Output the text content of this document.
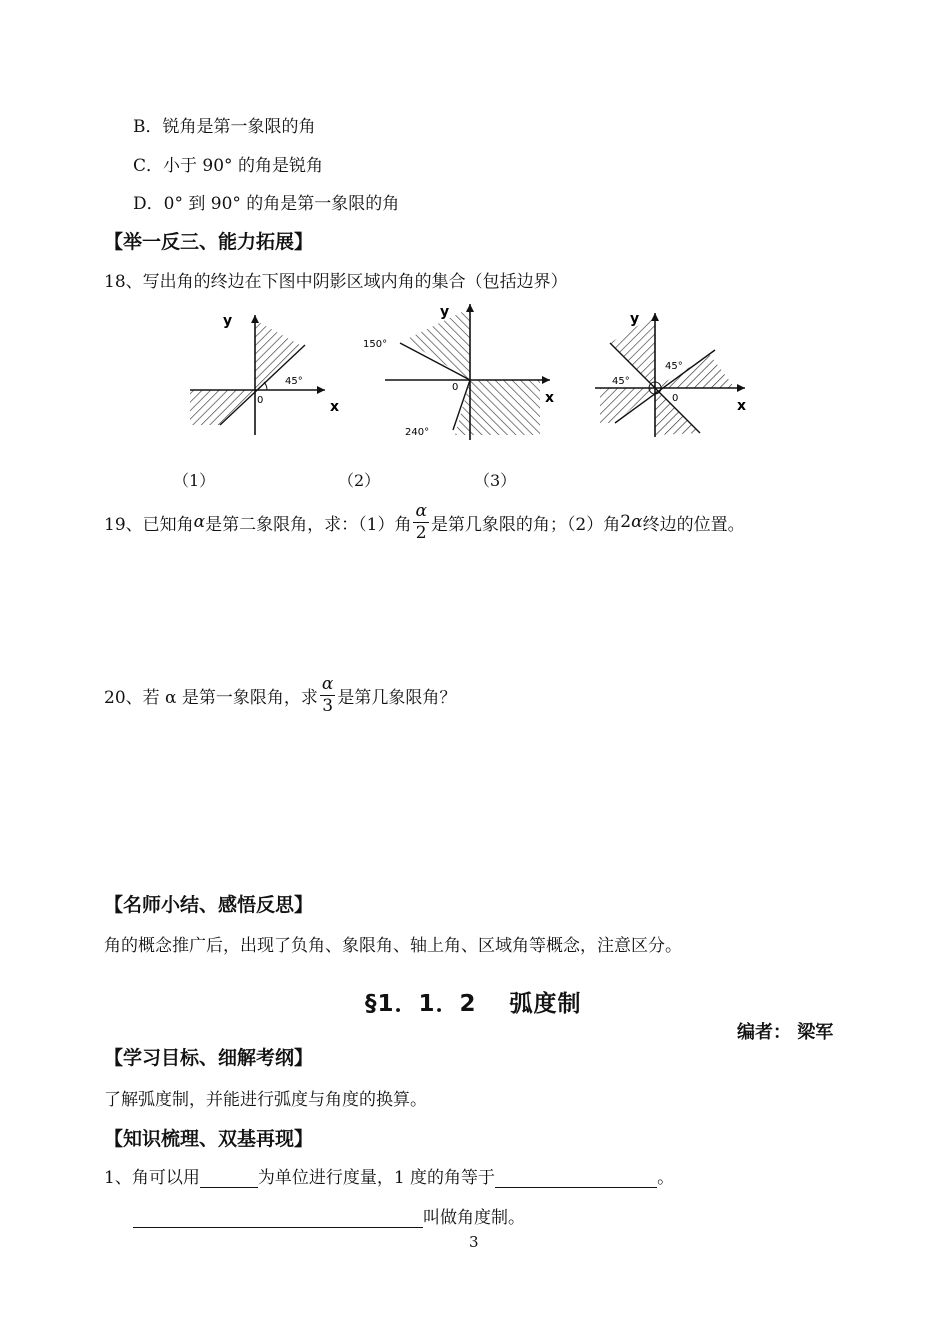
B．锐角是第一象限的角
C．小于 90° 的角是锐角
D．0° 到 90° 的角是第一象限的角
【举一反三、能力拓展】
18、写出角的终边在下图中阴影区域内角的集合（包括边界）
y
x
0
45°
y
x
0
150°
240°
y
x
0
45°
45°
（1）	（2）	（3）
19、已知角 α 是第二象限角，求：（1）角 $\frac{\alpha}{2}$ 是第几象限的角；（2）角 2 α 终边的位置。
20、若 α 是第一象限角，求 $\frac{\alpha}{3}$ 是第几象限角？
【名师小结、感悟反思】
角的概念推广后，出现了负角、象限角、轴上角、区域角等概念，注意区分。
§1．1．2　 弧度制
编者： 梁军
【学习目标、细解考纲】
了解弧度制，并能进行弧度与角度的换算。
【知识梳理、双基再现】
1、角可以用	为单位进行度量，1 度的角等于	。
叫做角度制。
3
